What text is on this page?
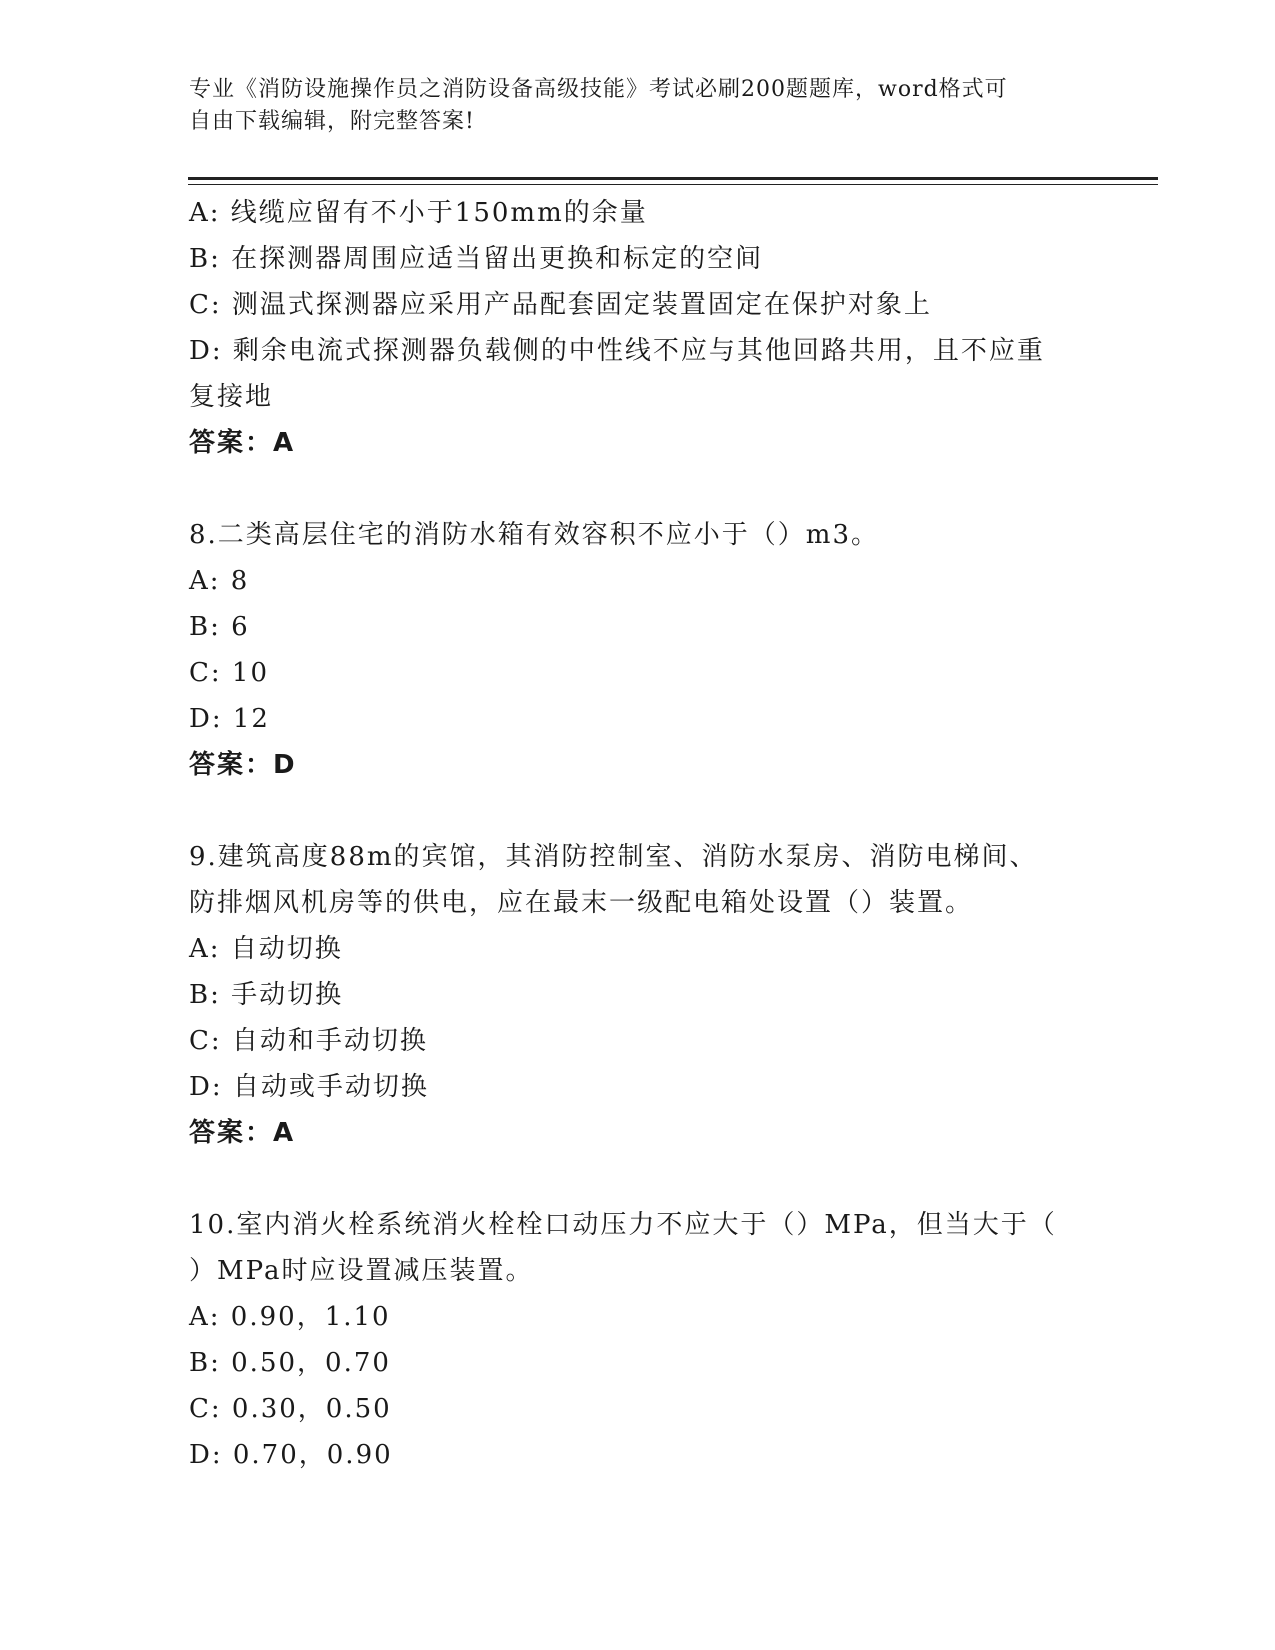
专业《消防设施操作员之消防设备高级技能》考试必刷200题题库，word格式可
自由下载编辑，附完整答案!
A: 线缆应留有不小于150mm的余量
B: 在探测器周围应适当留出更换和标定的空间
C: 测温式探测器应采用产品配套固定装置固定在保护对象上
D: 剩余电流式探测器负载侧的中性线不应与其他回路共用，且不应重
复接地
答案：A
8.二类高层住宅的消防水箱有效容积不应小于（）m3。
A: 8
B: 6
C: 10
D: 12
答案：D
9.建筑高度88m的宾馆，其消防控制室、消防水泵房、消防电梯间、
防排烟风机房等的供电，应在最末一级配电箱处设置（）装置。
A: 自动切换
B: 手动切换
C: 自动和手动切换
D: 自动或手动切换
答案：A
10.室内消火栓系统消火栓栓口动压力不应大于（）MPa，但当大于（
）MPa时应设置减压装置。
A: 0.90，1.10
B: 0.50，0.70
C: 0.30，0.50
D: 0.70，0.90
